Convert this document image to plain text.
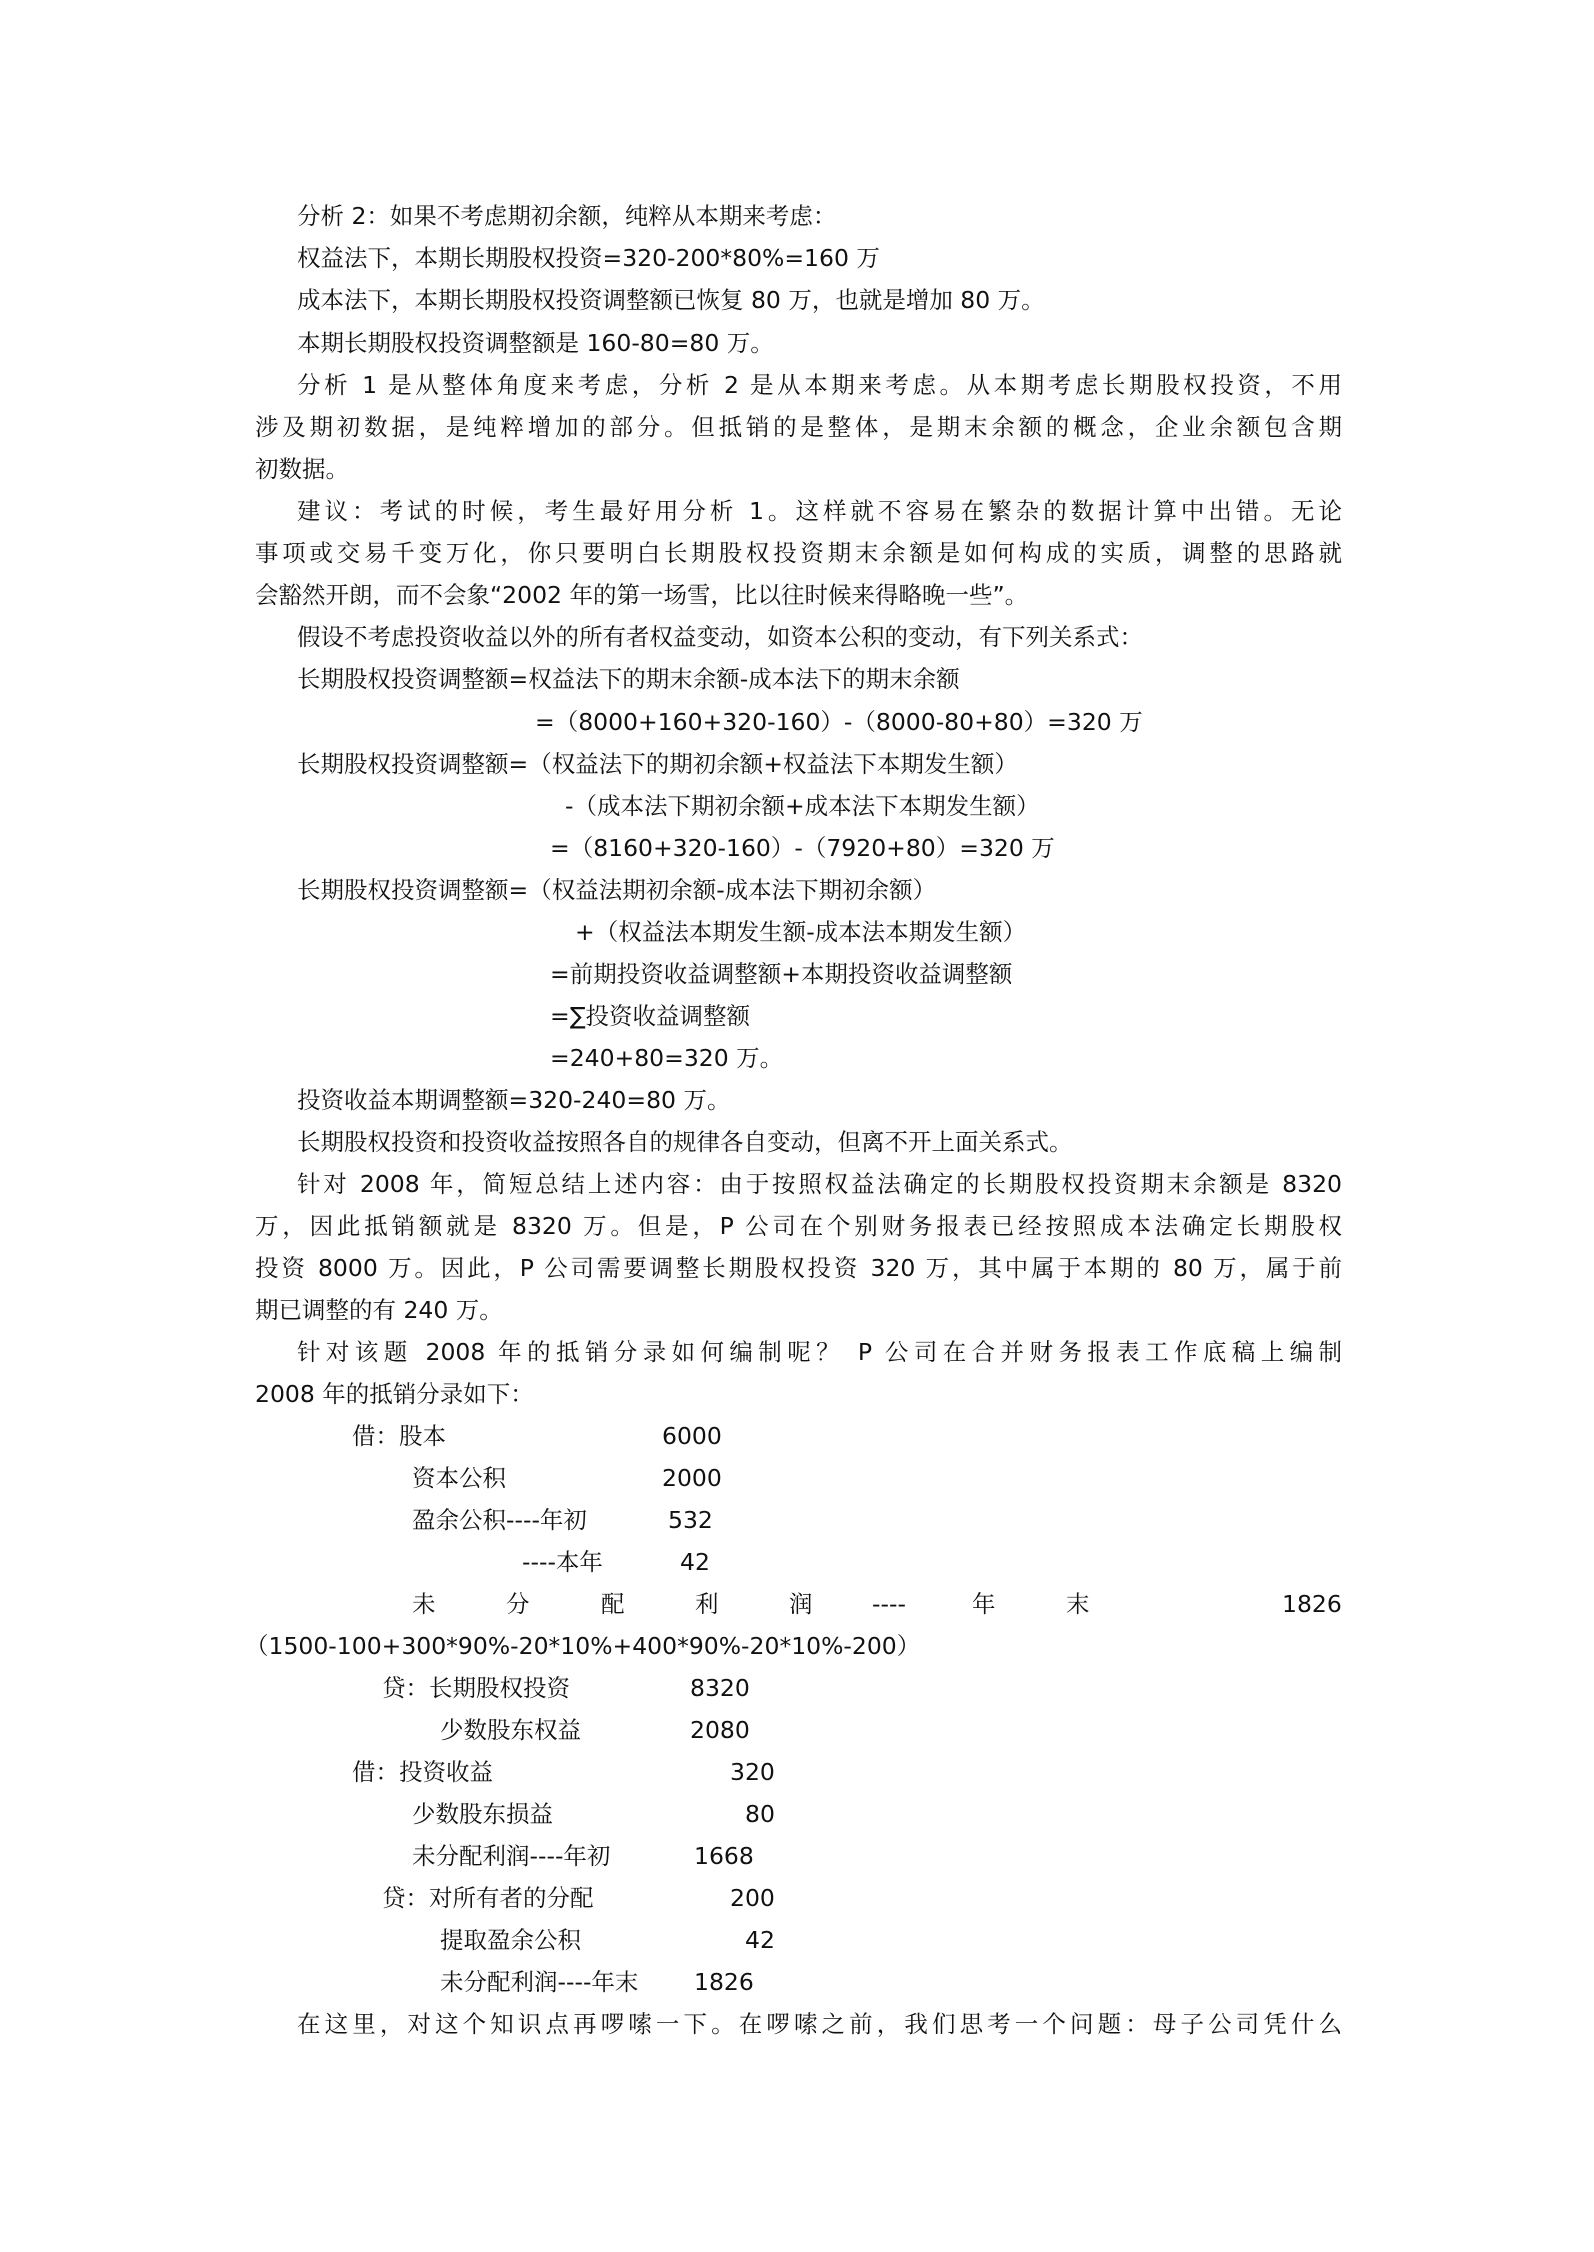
分析 2：如果不考虑期初余额，纯粹从本期来考虑：
权益法下，本期长期股权投资=320-200*80%=160 万
成本法下，本期长期股权投资调整额已恢复 80 万，也就是增加 80 万。
本期长期股权投资调整额是 160-80=80 万。
分析 1 是从整体角度来考虑，分析 2 是从本期来考虑。从本期考虑长期股权投资，不用
涉及期初数据，是纯粹增加的部分。但抵销的是整体，是期末余额的概念，企业余额包含期
初数据。
建议：考试的时候，考生最好用分析 1。这样就不容易在繁杂的数据计算中出错。无论
事项或交易千变万化，你只要明白长期股权投资期末余额是如何构成的实质，调整的思路就
会豁然开朗，而不会象“2002 年的第一场雪，比以往时候来得略晚一些”。
假设不考虑投资收益以外的所有者权益变动，如资本公积的变动，有下列关系式：
长期股权投资调整额=权益法下的期末余额-成本法下的期末余额
=（8000+160+320-160）-（8000-80+80）=320 万
长期股权投资调整额=（权益法下的期初余额+权益法下本期发生额）
-（成本法下期初余额+成本法下本期发生额）
=（8160+320-160）-（7920+80）=320 万
长期股权投资调整额=（权益法期初余额-成本法下期初余额）
+（权益法本期发生额-成本法本期发生额）
=前期投资收益调整额+本期投资收益调整额
=∑投资收益调整额
=240+80=320 万。
投资收益本期调整额=320-240=80 万。
长期股权投资和投资收益按照各自的规律各自变动，但离不开上面关系式。
针对 2008 年，简短总结上述内容：由于按照权益法确定的长期股权投资期末余额是 8320
万，因此抵销额就是 8320 万。但是，P 公司在个别财务报表已经按照成本法确定长期股权
投资 8000 万。因此，P 公司需要调整长期股权投资 320 万，其中属于本期的 80 万，属于前
期已调整的有 240 万。
针对该题 2008 年的抵销分录如何编制呢？ P 公司在合并财务报表工作底稿上编制
2008 年的抵销分录如下：
借：股本	6000
资本公积	2000
盈余公积----年初	532
----本年	42
未	分	配	利	润	----	年	末	1826
（1500-100+300*90%-20*10%+400*90%-20*10%-200）
贷：长期股权投资	8320
少数股东权益	2080
借：投资收益	320
少数股东损益	80
未分配利润----年初	1668
贷：对所有者的分配	200
提取盈余公积	42
未分配利润----年末 1826
在这里，对这个知识点再啰嗦一下。在啰嗦之前，我们思考一个问题：母子公司凭什么
